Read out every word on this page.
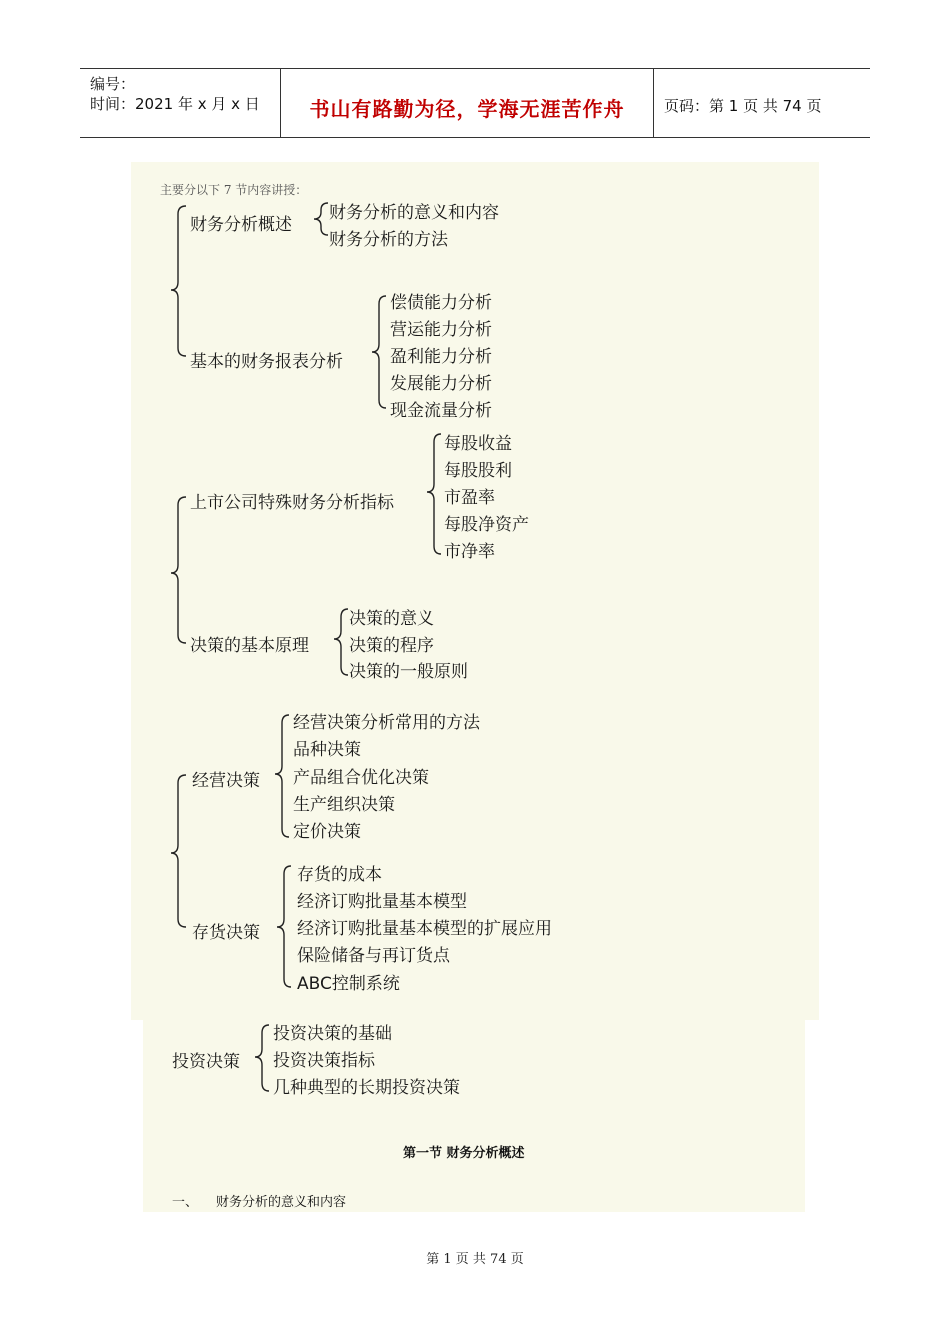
编号：
时间：2021 年 x 月 x 日	书山有路勤为径，学海无涯苦作舟	页码：第 1 页 共 74 页
主要分以下 7 节内容讲授：
财务分析概述
财务分析的意义和内容
财务分析的方法
基本的财务报表分析
偿债能力分析
营运能力分析
盈利能力分析
发展能力分析
现金流量分析
上市公司特殊财务分析指标
每股收益
每股股利
市盈率
每股净资产
市净率
决策的基本原理
决策的意义
决策的程序
决策的一般原则
经营决策
经营决策分析常用的方法
品种决策
产品组合优化决策
生产组织决策
定价决策
存货决策
存货的成本
经济订购批量基本模型
经济订购批量基本模型的扩展应用
保险储备与再订货点
ABC控制系统
投资决策
投资决策的基础
投资决策指标
几种典型的长期投资决策
第一节 财务分析概述
一、 财务分析的意义和内容
第 1 页 共 74 页
